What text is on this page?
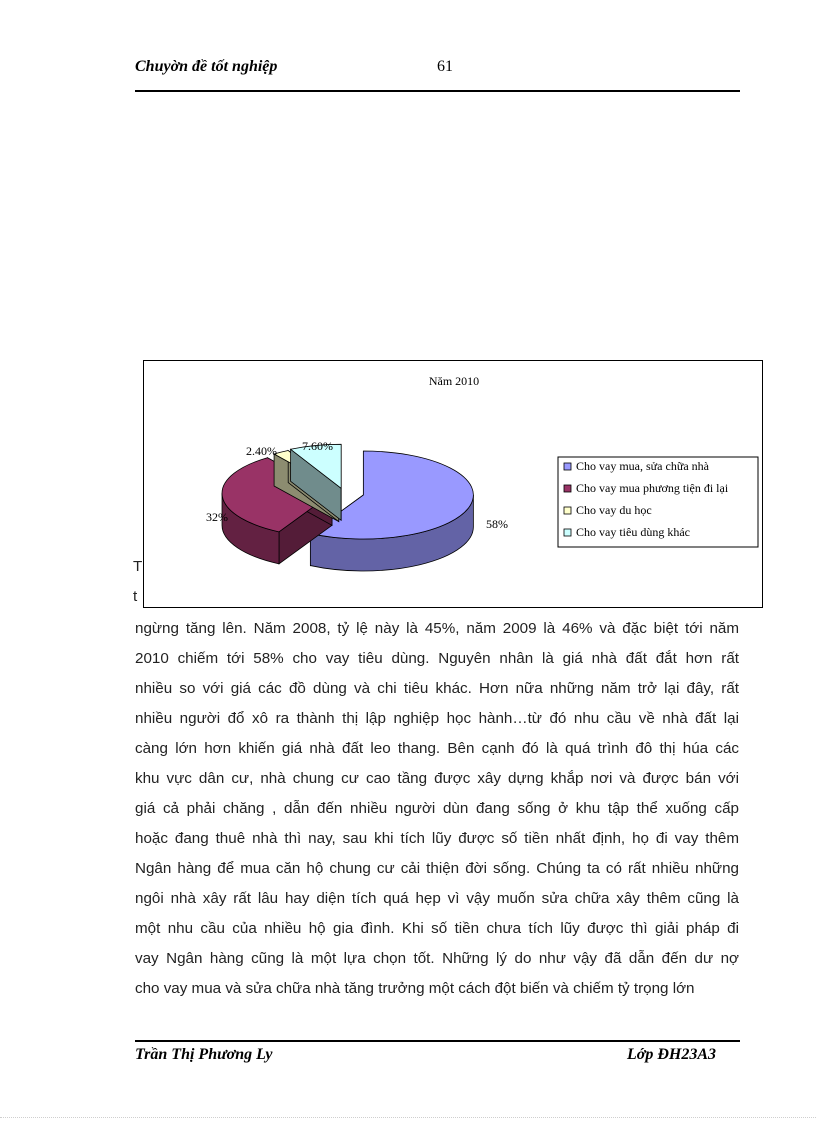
Chuyờn đề tốt nghiệp	61
Năm 2010
58%
32%
2.40% 7.60%
Cho vay mua, sửa chữa nhà
Cho vay mua phương tiện đi lại
Cho vay du học
Cho vay tiêu dùng khác
T
t

ngừng tăng lên. Năm 2008, tỷ lệ này là 45%, năm 2009 là 46% và đặc biệt tới năm

2010 chiếm tới 58% cho vay tiêu dùng. Nguyên nhân là giá nhà đất đắt hơn rất

nhiều so với giá các đồ dùng và chi tiêu khác. Hơn nữa những năm trở lại đây, rất

nhiều người đổ xô ra thành thị lập nghiệp học hành…từ đó nhu cầu về nhà đất lại

càng lớn hơn khiến giá nhà đất leo thang. Bên cạnh đó là quá trình đô thị húa các

khu vực dân cư, nhà chung cư cao tầng được xây dựng khắp nơi và được bán với

giá cả phải chăng , dẫn đến nhiều người dùn đang sống ở khu tập thể xuống cấp

hoặc đang thuê nhà thì nay, sau khi tích lũy được số tiền nhất định, họ đi vay thêm

Ngân hàng để mua căn hộ chung cư cải thiện đời sống. Chúng ta có rất nhiều những

ngôi nhà xây rất lâu hay diện tích quá hẹp vì vậy muốn sửa chữa xây thêm cũng là

một nhu cầu của nhiều hộ gia đình. Khi số tiền chưa tích lũy được thì giải pháp đi

vay Ngân hàng cũng là một lựa chọn tốt. Những lý do như vậy đã dẫn đến dư nợ

cho vay mua và sửa chữa nhà tăng trưởng một cách đột biến và chiếm tỷ trọng lớn

Trần Thị Phương Ly	Lớp ĐH23A3
